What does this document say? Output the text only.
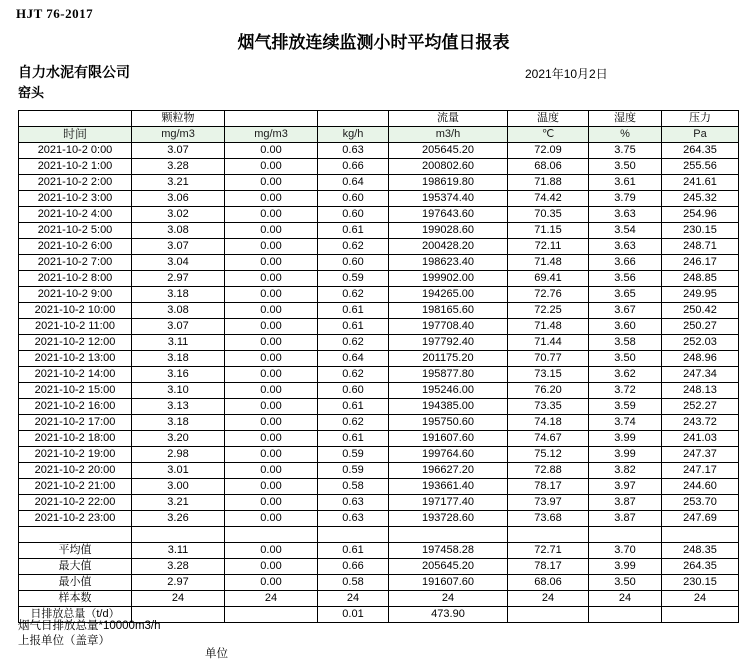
HJT 76-2017
烟气排放连续监测小时平均值日报表
自力水泥有限公司
窑头
2021年10月2日
	颗粒物			流量	温度	湿度	压力
时间	mg/m3	mg/m3	kg/h	m3/h	℃	%	Pa
2021-10-2 0:00	3.07	0.00	0.63	205645.20	72.09	3.75	264.35
2021-10-2 1:00	3.28	0.00	0.66	200802.60	68.06	3.50	255.56
2021-10-2 2:00	3.21	0.00	0.64	198619.80	71.88	3.61	241.61
2021-10-2 3:00	3.06	0.00	0.60	195374.40	74.42	3.79	245.32
2021-10-2 4:00	3.02	0.00	0.60	197643.60	70.35	3.63	254.96
2021-10-2 5:00	3.08	0.00	0.61	199028.60	71.15	3.54	230.15
2021-10-2 6:00	3.07	0.00	0.62	200428.20	72.11	3.63	248.71
2021-10-2 7:00	3.04	0.00	0.60	198623.40	71.48	3.66	246.17
2021-10-2 8:00	2.97	0.00	0.59	199902.00	69.41	3.56	248.85
2021-10-2 9:00	3.18	0.00	0.62	194265.00	72.76	3.65	249.95
2021-10-2 10:00	3.08	0.00	0.61	198165.60	72.25	3.67	250.42
2021-10-2 11:00	3.07	0.00	0.61	197708.40	71.48	3.60	250.27
2021-10-2 12:00	3.11	0.00	0.62	197792.40	71.44	3.58	252.03
2021-10-2 13:00	3.18	0.00	0.64	201175.20	70.77	3.50	248.96
2021-10-2 14:00	3.16	0.00	0.62	195877.80	73.15	3.62	247.34
2021-10-2 15:00	3.10	0.00	0.60	195246.00	76.20	3.72	248.13
2021-10-2 16:00	3.13	0.00	0.61	194385.00	73.35	3.59	252.27
2021-10-2 17:00	3.18	0.00	0.62	195750.60	74.18	3.74	243.72
2021-10-2 18:00	3.20	0.00	0.61	191607.60	74.67	3.99	241.03
2021-10-2 19:00	2.98	0.00	0.59	199764.60	75.12	3.99	247.37
2021-10-2 20:00	3.01	0.00	0.59	196627.20	72.88	3.82	247.17
2021-10-2 21:00	3.00	0.00	0.58	193661.40	78.17	3.97	244.60
2021-10-2 22:00	3.21	0.00	0.63	197177.40	73.97	3.87	253.70
2021-10-2 23:00	3.26	0.00	0.63	193728.60	73.68	3.87	247.69

平均值	3.11	0.00	0.61	197458.28	72.71	3.70	248.35
最大值	3.28	0.00	0.66	205645.20	78.17	3.99	264.35
最小值	2.97	0.00	0.58	191607.60	68.06	3.50	230.15
样本数	24	24	24	24	24	24	24
日排放总量（t/d）			0.01	473.90			
烟气日排放总量*10000m3/h
上报单位（盖章）
单位
